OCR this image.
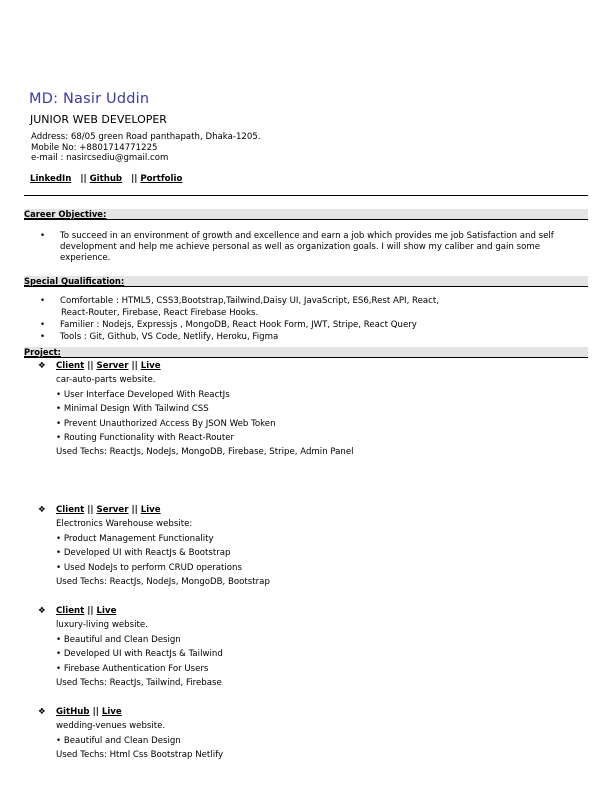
MD: Nasir Uddin
JUNIOR WEB DEVELOPER
Address: 68/05 green Road panthapath, Dhaka-1205.
Mobile No: +8801714771225
e-mail : nasircsediu@gmail.com
LinkedIn || Github || Portfolio
Career Objective:
• To succeed in an environment of growth and excellence and earn a job which provides me job Satisfaction and self development and help me achieve personal as well as organization goals. I will show my caliber and gain some experience.
Special Qualification:
• Comfortable : HTML5, CSS3,Bootstrap,Tailwind,Daisy UI, JavaScript, ES6,Rest API, React,
React-Router, Firebase, React Firebase Hooks.
• Familier : Nodejs, Expressjs , MongoDB, React Hook Form, JWT, Stripe, React Query
• Tools : Git, Github, VS Code, Netlify, Heroku, Figma
Project:
❖ Client || Server || Live
car-auto-parts website.
• User Interface Developed With ReactJs
• Minimal Design With Tailwind CSS
• Prevent Unauthorized Access By JSON Web Token
• Routing Functionality with React-Router
Used Techs: ReactJs, NodeJs, MongoDB, Firebase, Stripe, Admin Panel
❖ Client || Server || Live
Electronics Warehouse website:
• Product Management Functionality
• Developed UI with ReactJs & Bootstrap
• Used NodeJs to perform CRUD operations
Used Techs: ReactJs, NodeJs, MongoDB, Bootstrap
❖ Client || Live
luxury-living website.
• Beautiful and Clean Design
• Developed UI with ReactJs & Tailwind
• Firebase Authentication For Users
Used Techs: ReactJs, Tailwind, Firebase
❖ GitHub || Live
wedding-venues website.
• Beautiful and Clean Design
Used Techs: Html Css Bootstrap Netlify
